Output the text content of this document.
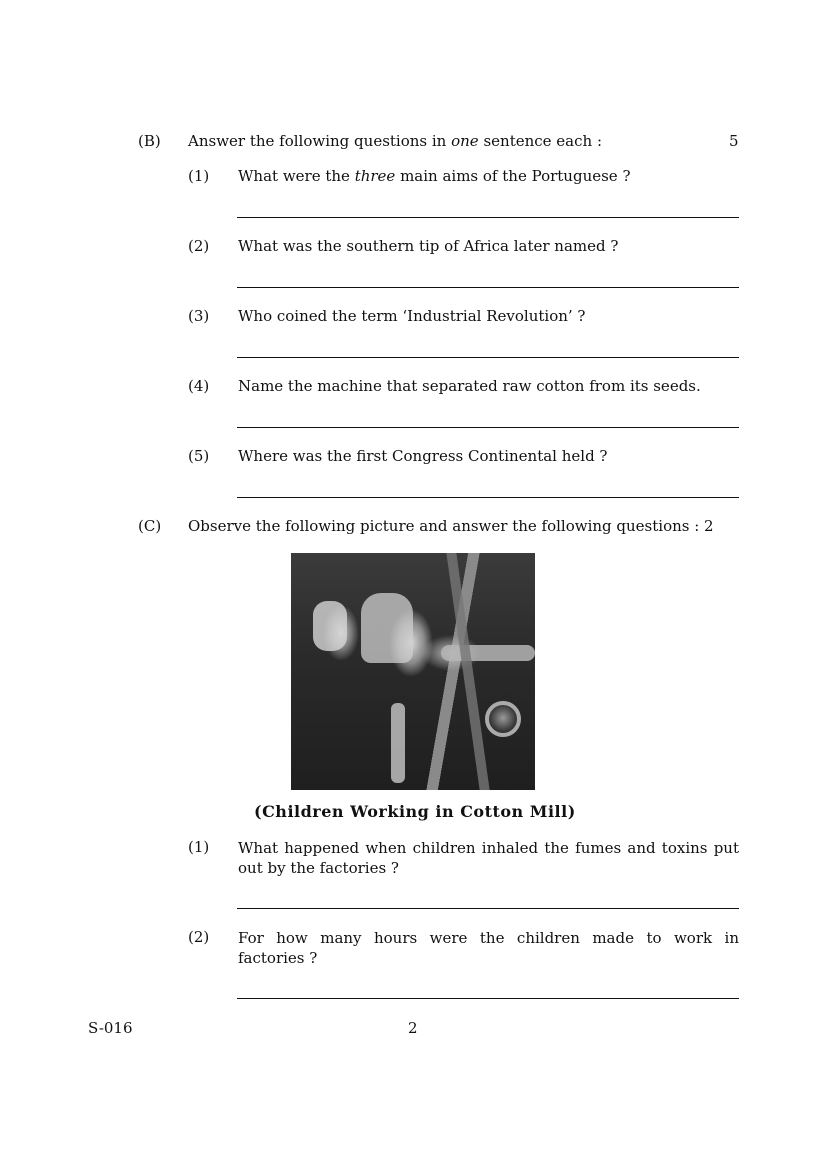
(B) Answer the following questions in one sentence each :	5
(1) What were the three main aims of the Portuguese ?
(2) What was the southern tip of Africa later named ?
(3) Who coined the term ‘Industrial Revolution’ ?
(4) Name the machine that separated raw cotton from its seeds.
(5) Where was the first Congress Continental held ?
(C) Observe the following picture and answer the following questions : 2
(Children Working in Cotton Mill)
(1) What happened when children inhaled the fumes and toxins put
out by the factories ?
(2) For how many hours were the children made to work in
factories ?
S-016	2
